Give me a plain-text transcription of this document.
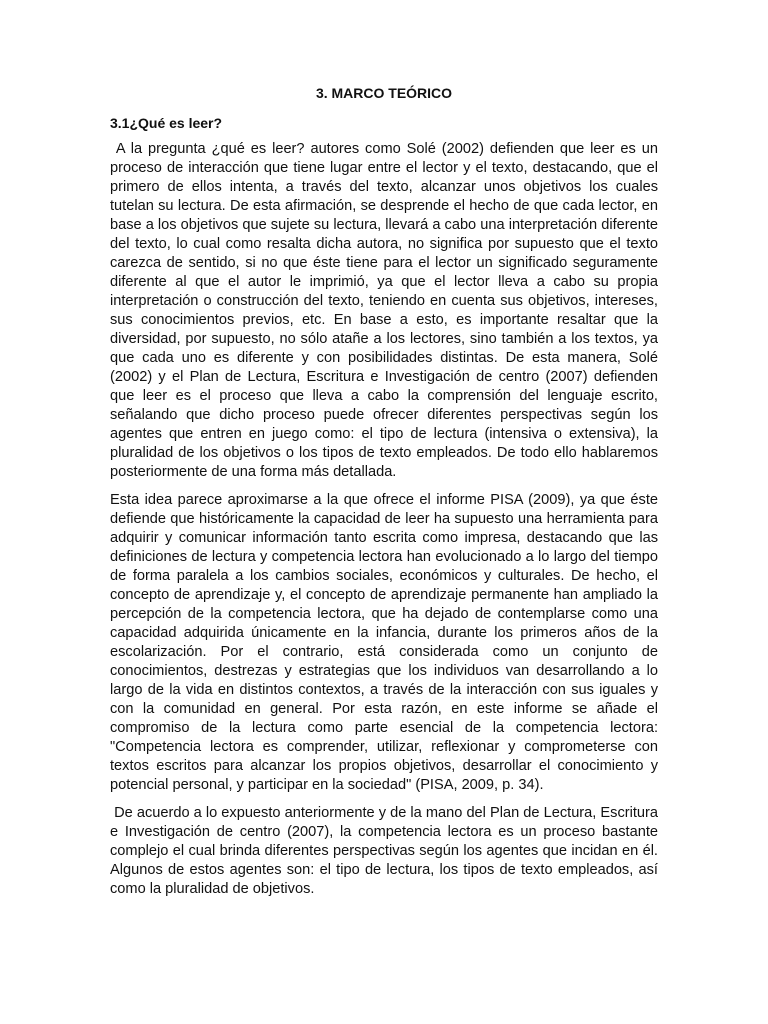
3. MARCO TEÓRICO
3.1¿Qué es leer?

A la pregunta ¿qué es leer? autores como Solé (2002) defienden que leer es un proceso de interacción que tiene lugar entre el lector y el texto, destacando, que el primero de ellos intenta, a través del texto, alcanzar unos objetivos los cuales tutelan su lectura. De esta afirmación, se desprende el hecho de que cada lector, en base a los objetivos que sujete su lectura, llevará a cabo una interpretación diferente del texto, lo cual como resalta dicha autora, no significa por supuesto que el texto carezca de sentido, si no que éste tiene para el lector un significado seguramente diferente al que el autor le imprimió, ya que el lector lleva a cabo su propia interpretación o construcción del texto, teniendo en cuenta sus objetivos, intereses, sus conocimientos previos, etc. En base a esto, es importante resaltar que la diversidad, por supuesto, no sólo atañe a los lectores, sino también a los textos, ya que cada uno es diferente y con posibilidades distintas. De esta manera, Solé (2002) y el Plan de Lectura, Escritura e Investigación de centro (2007) defienden que leer es el proceso que lleva a cabo la comprensión del lenguaje escrito, señalando que dicho proceso puede ofrecer diferentes perspectivas según los agentes que entren en juego como: el tipo de lectura (intensiva o extensiva), la pluralidad de los objetivos o los tipos de texto empleados. De todo ello hablaremos posteriormente de una forma más detallada.

Esta idea parece aproximarse a la que ofrece el informe PISA (2009), ya que éste defiende que históricamente la capacidad de leer ha supuesto una herramienta para adquirir y comunicar información tanto escrita como impresa, destacando que las definiciones de lectura y competencia lectora han evolucionado a lo largo del tiempo de forma paralela a los cambios sociales, económicos y culturales. De hecho, el concepto de aprendizaje y, el concepto de aprendizaje permanente han ampliado la percepción de la competencia lectora, que ha dejado de contemplarse como una capacidad adquirida únicamente en la infancia, durante los primeros años de la escolarización. Por el contrario, está considerada como un conjunto de conocimientos, destrezas y estrategias que los individuos van desarrollando a lo largo de la vida en distintos contextos, a través de la interacción con sus iguales y con la comunidad en general. Por esta razón, en este informe se añade el compromiso de la lectura como parte esencial de la competencia lectora: "Competencia lectora es comprender, utilizar, reflexionar y comprometerse con textos escritos para alcanzar los propios objetivos, desarrollar el conocimiento y potencial personal, y participar en la sociedad" (PISA, 2009, p. 34).

De acuerdo a lo expuesto anteriormente y de la mano del Plan de Lectura, Escritura e Investigación de centro (2007), la competencia lectora es un proceso bastante complejo el cual brinda diferentes perspectivas según los agentes que incidan en él. Algunos de estos agentes son: el tipo de lectura, los tipos de texto empleados, así como la pluralidad de objetivos.
